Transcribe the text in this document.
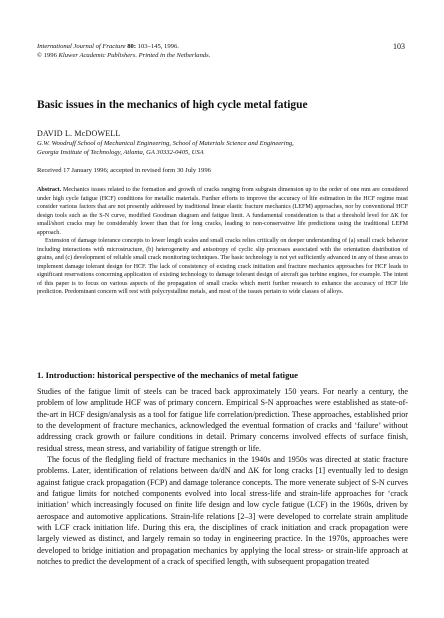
International Journal of Fracture 80: 103–145, 1996.
© 1996 Kluwer Academic Publishers. Printed in the Netherlands.
103
Basic issues in the mechanics of high cycle metal fatigue
DAVID L. McDOWELL
G.W. Woodruff School of Mechanical Engineering, School of Materials Science and Engineering,
Georgia Institute of Technology, Atlanta, GA 30332-0405, USA
Received 17 January 1996; accepted in revised form 30 July 1996

Abstract. Mechanics issues related to the formation and growth of cracks ranging from subgrain dimension up to the order of one mm are considered under high cycle fatigue (HCF) conditions for metallic materials. Further efforts to improve the accuracy of life estimation in the HCF regime must consider various factors that are not presently addressed by traditional linear elastic fracture mechanics (LEFM) approaches, nor by conventional HCF design tools such as the S-N curve, modified Goodman diagram and fatigue limit. A fundamental consideration is that a threshold level for ΔK for small/short cracks may be considerably lower than that for long cracks, leading to non-conservative life predictions using the traditional LEFM approach.

Extension of damage tolerance concepts to lower length scales and small cracks relies critically on deeper understanding of (a) small crack behavior including interactions with microstructure, (b) heterogeneity and anisotropy of cyclic slip processes associated with the orientation distribution of grains, and (c) development of reliable small crack monitoring techniques. The basic technology is not yet sufficiently advanced in any of these areas to implement damage tolerant design for HCF. The lack of consistency of existing crack initiation and fracture mechanics approaches for HCF leads to significant reservations concerning application of existing technology to damage tolerant design of aircraft gas turbine engines, for example. The intent of this paper is to focus on various aspects of the propagation of small cracks which merit further research to enhance the accuracy of HCF life prediction. Predominant concern will rest with polycrystalline metals, and most of the issues pertain to wide classes of alloys.

1. Introduction: historical perspective of the mechanics of metal fatigue

Studies of the fatigue limit of steels can be traced back approximately 150 years. For nearly a century, the problem of low amplitude HCF was of primary concern. Empirical S-N approaches were established as state-of-the-art in HCF design/analysis as a tool for fatigue life correlation/prediction. These approaches, established prior to the development of fracture mechanics, acknowledged the eventual formation of cracks and ‘failure’ without addressing crack growth or failure conditions in detail. Primary concerns involved effects of surface finish, residual stress, mean stress, and variability of fatigue strength or life.

The focus of the fledgling field of fracture mechanics in the 1940s and 1950s was directed at static fracture problems. Later, identification of relations between da/dN and ΔK for long cracks [1] eventually led to design against fatigue crack propagation (FCP) and damage tolerance concepts. The more venerate subject of S-N curves and fatigue limits for notched components evolved into local stress-life and strain-life approaches for ‘crack initiation’ which increasingly focused on finite life design and low cycle fatigue (LCF) in the 1960s, driven by aerospace and automotive applications. Strain-life relations [2–3] were developed to correlate strain amplitude with LCF crack initiation life. During this era, the disciplines of crack initiation and crack propagation were largely viewed as distinct, and largely remain so today in engineering practice. In the 1970s, approaches were developed to bridge initiation and propagation mechanics by applying the local stress- or strain-life approach at notches to predict the development of a crack of specified length, with subsequent propagation treated
